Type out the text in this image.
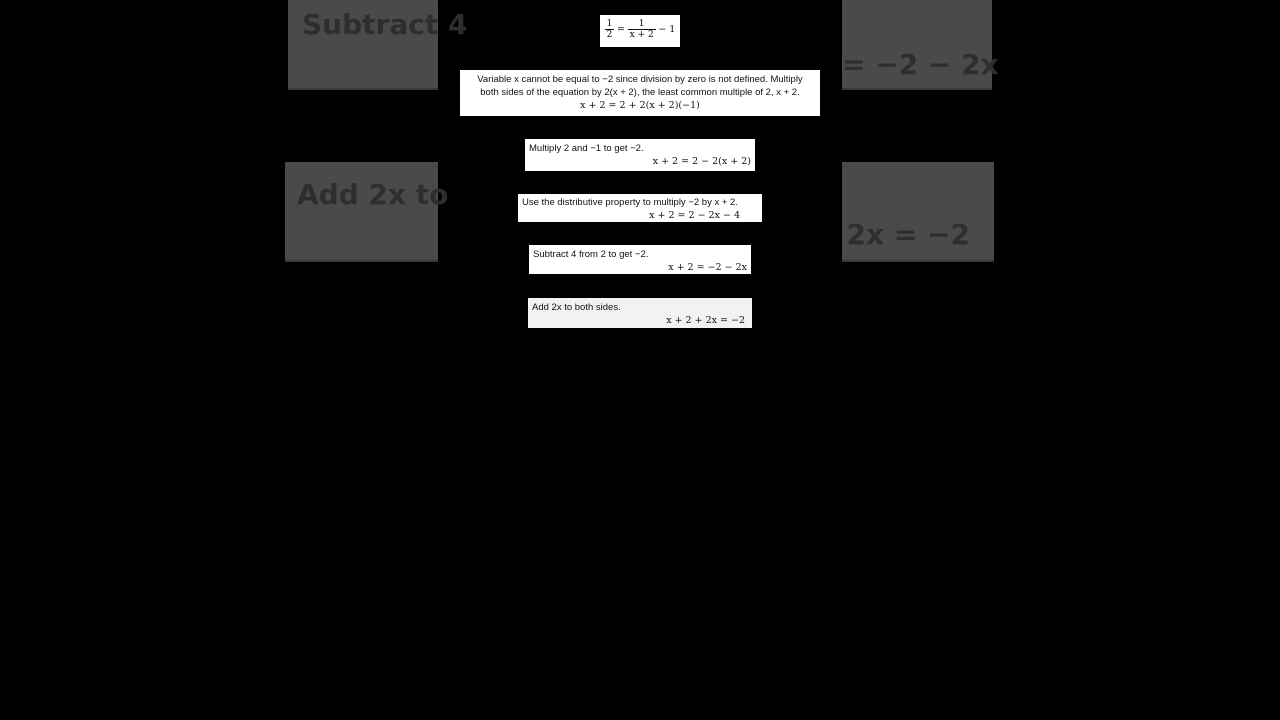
Subtract 4
= −2 − 2x
Add 2x to
2x = −2
$\frac{1}{2} = \frac{1}{x + 2} - 1$
Variable x cannot be equal to −2 since division by zero is not defined. Multiply
both sides of the equation by 2(x + 2), the least common multiple of 2, x + 2.
x + 2 = 2 + 2(x + 2)(−1)
Multiply 2 and −1 to get −2.
x + 2 = 2 − 2(x + 2)
Use the distributive property to multiply −2 by x + 2.
x + 2 = 2 − 2x − 4
Subtract 4 from 2 to get −2.
x + 2 = −2 − 2x
Add 2x to both sides.
x + 2 + 2x = −2
